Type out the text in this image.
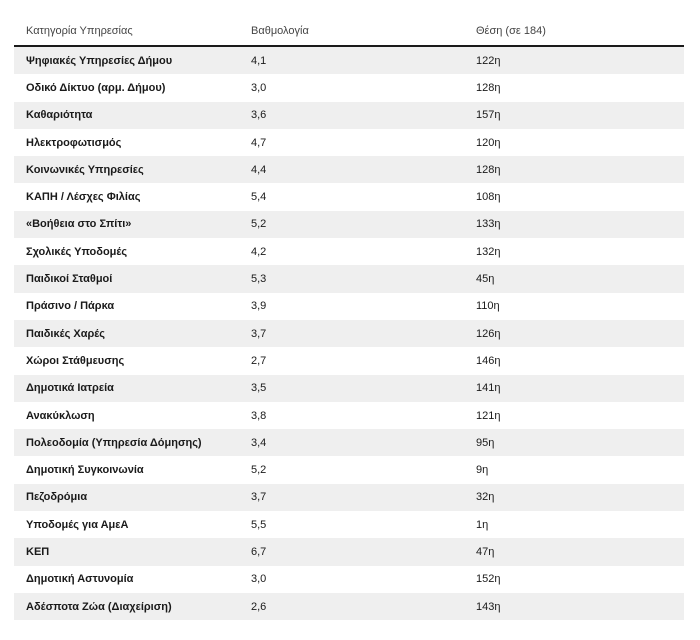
Κατηγορία Υπηρεσίας	Βαθμολογία	Θέση (σε 184)
Ψηφιακές Υπηρεσίες Δήμου	4,1	122η
Οδικό Δίκτυο (αρμ. Δήμου)	3,0	128η
Καθαριότητα	3,6	157η
Ηλεκτροφωτισμός	4,7	120η
Κοινωνικές Υπηρεσίες	4,4	128η
ΚΑΠΗ / Λέσχες Φιλίας	5,4	108η
«Βοήθεια στο Σπίτι»	5,2	133η
Σχολικές Υποδομές	4,2	132η
Παιδικοί Σταθμοί	5,3	45η
Πράσινο / Πάρκα	3,9	110η
Παιδικές Χαρές	3,7	126η
Χώροι Στάθμευσης	2,7	146η
Δημοτικά Ιατρεία	3,5	141η
Ανακύκλωση	3,8	121η
Πολεοδομία (Υπηρεσία Δόμησης)	3,4	95η
Δημοτική Συγκοινωνία	5,2	9η
Πεζοδρόμια	3,7	32η
Υποδομές για ΑμεΑ	5,5	1η
ΚΕΠ	6,7	47η
Δημοτική Αστυνομία	3,0	152η
Αδέσποτα Ζώα (Διαχείριση)	2,6	143η
